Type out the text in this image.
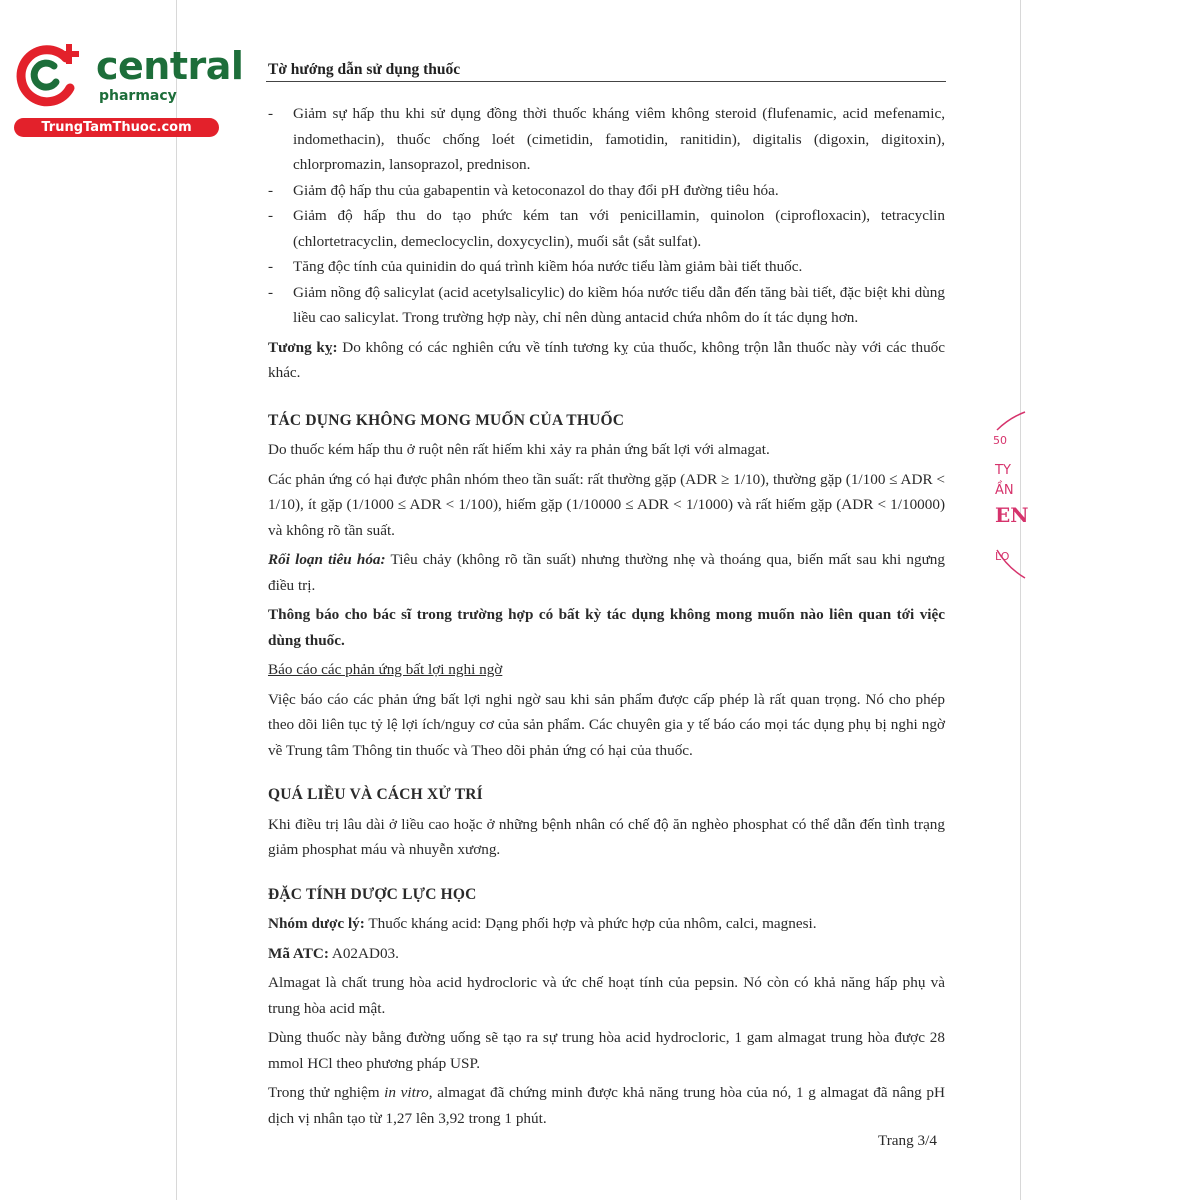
central
pharmacy
TrungTamThuoc.com
Tờ hướng dẫn sử dụng thuốc
- Giảm sự hấp thu khi sử dụng đồng thời thuốc kháng viêm không steroid (flufenamic, acid mefenamic, indomethacin), thuốc chống loét (cimetidin, famotidin, ranitidin), digitalis (digoxin, digitoxin), chlorpromazin, lansoprazol, prednison.
- Giảm độ hấp thu của gabapentin và ketoconazol do thay đổi pH đường tiêu hóa.
- Giảm độ hấp thu do tạo phức kém tan với penicillamin, quinolon (ciprofloxacin), tetracyclin (chlortetracyclin, demeclocyclin, doxycyclin), muối sắt (sắt sulfat).
- Tăng độc tính của quinidin do quá trình kiềm hóa nước tiểu làm giảm bài tiết thuốc.
- Giảm nồng độ salicylat (acid acetylsalicylic) do kiềm hóa nước tiểu dẫn đến tăng bài tiết, đặc biệt khi dùng liều cao salicylat. Trong trường hợp này, chỉ nên dùng antacid chứa nhôm do ít tác dụng hơn.

Tương kỵ: Do không có các nghiên cứu về tính tương kỵ của thuốc, không trộn lẫn thuốc này với các thuốc khác.

TÁC DỤNG KHÔNG MONG MUỐN CỦA THUỐC

Do thuốc kém hấp thu ở ruột nên rất hiếm khi xảy ra phản ứng bất lợi với almagat.

Các phản ứng có hại được phân nhóm theo tần suất: rất thường gặp (ADR ≥ 1/10), thường gặp (1/100 ≤ ADR < 1/10), ít gặp (1/1000 ≤ ADR < 1/100), hiếm gặp (1/10000 ≤ ADR < 1/1000) và rất hiếm gặp (ADR < 1/10000) và không rõ tần suất.

Rối loạn tiêu hóa: Tiêu chảy (không rõ tần suất) nhưng thường nhẹ và thoáng qua, biến mất sau khi ngưng điều trị.

Thông báo cho bác sĩ trong trường hợp có bất kỳ tác dụng không mong muốn nào liên quan tới việc dùng thuốc.

Báo cáo các phản ứng bất lợi nghi ngờ

Việc báo cáo các phản ứng bất lợi nghi ngờ sau khi sản phẩm được cấp phép là rất quan trọng. Nó cho phép theo dõi liên tục tỷ lệ lợi ích/nguy cơ của sản phẩm. Các chuyên gia y tế báo cáo mọi tác dụng phụ bị nghi ngờ về Trung tâm Thông tin thuốc và Theo dõi phản ứng có hại của thuốc.

QUÁ LIỀU VÀ CÁCH XỬ TRÍ

Khi điều trị lâu dài ở liều cao hoặc ở những bệnh nhân có chế độ ăn nghèo phosphat có thể dẫn đến tình trạng giảm phosphat máu và nhuyễn xương.

ĐẶC TÍNH DƯỢC LỰC HỌC

Nhóm dược lý: Thuốc kháng acid: Dạng phối hợp và phức hợp của nhôm, calci, magnesi.

Mã ATC: A02AD03.

Almagat là chất trung hòa acid hydrocloric và ức chế hoạt tính của pepsin. Nó còn có khả năng hấp phụ và trung hòa acid mật.

Dùng thuốc này bằng đường uống sẽ tạo ra sự trung hòa acid hydrocloric, 1 gam almagat trung hòa được 28 mmol HCl theo phương pháp USP.

Trong thử nghiệm in vitro, almagat đã chứng minh được khả năng trung hòa của nó, 1 g almagat đã nâng pH dịch vị nhân tạo từ 1,27 lên 3,92 trong 1 phút.

Trang 3/4
50
TY
ẦN
EN
LO
